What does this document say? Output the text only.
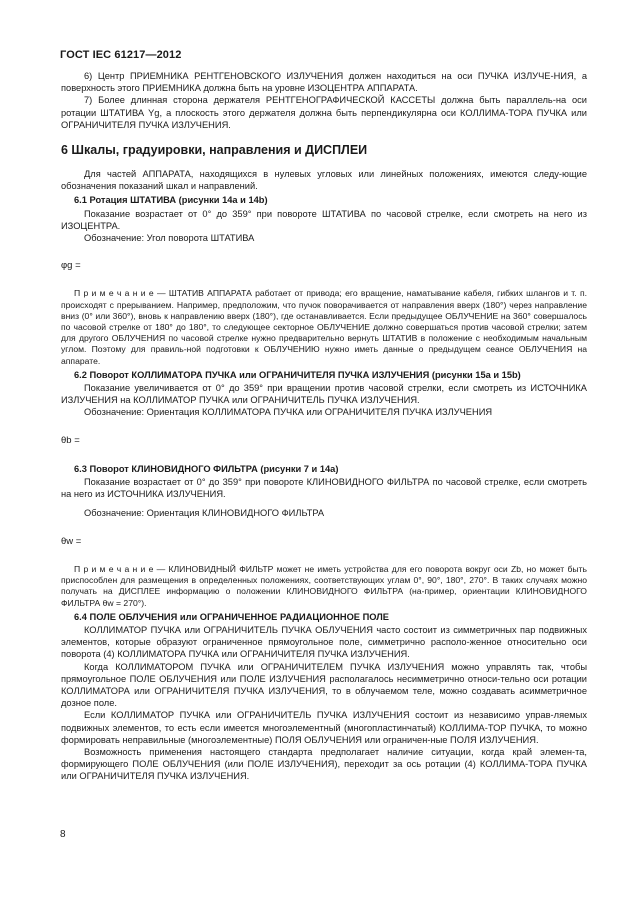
ГОСТ IEC 61217—2012

6) Центр ПРИЕМНИКА РЕНТГЕНОВСКОГО ИЗЛУЧЕНИЯ должен находиться на оси ПУЧКА ИЗЛУЧЕ-НИЯ, а поверхность этого ПРИЕМНИКА должна быть на уровне ИЗОЦЕНТРА АППАРАТА.

7) Более длинная сторона держателя РЕНТГЕНОГРАФИЧЕСКОЙ КАССЕТЫ должна быть параллель-на оси ротации ШТАТИВА Yg, а плоскость этого держателя должна быть перпендикулярна оси КОЛЛИМА-ТОРА ПУЧКА или ОГРАНИЧИТЕЛЯ ПУЧКА ИЗЛУЧЕНИЯ.

6 Шкалы, градуировки, направления и ДИСПЛЕИ

Для частей АППАРАТА, находящихся в нулевых угловых или линейных положениях, имеются следу-ющие обозначения показаний шкал и направлений.

6.1 Ротация ШТАТИВА (рисунки 14а и 14b)

Показание возрастает от 0° до 359° при повороте ШТАТИВА по часовой стрелке, если смотреть на него из ИЗОЦЕНТРА.

Обозначение: Угол поворота ШТАТИВА

φg =

П р и м е ч а н и е — ШТАТИВ АППАРАТА работает от привода; его вращение, наматывание кабеля, гибких шлангов и т. п. происходят с прерыванием. Например, предположим, что пучок поворачивается от направления вверх (180°) через направление вниз (0° или 360°), вновь к направлению вверх (180°), где останавливается. Если предыдущее ОБЛУЧЕНИЕ на 360° совершалось по часовой стрелке от 180° до 180°, то следующее секторное ОБЛУЧЕНИЕ должно совершаться против часовой стрелки; затем для другого ОБЛУЧЕНИЯ по часовой стрелке нужно предварительно вернуть ШТАТИВ в положение с необходимым начальным углом. Поэтому для правиль-ной подготовки к ОБЛУЧЕНИЮ нужно иметь данные о предыдущем сеансе ОБЛУЧЕНИЯ на аппарате.

6.2 Поворот КОЛЛИМАТОРА ПУЧКА или ОГРАНИЧИТЕЛЯ ПУЧКА ИЗЛУЧЕНИЯ (рисунки 15a и 15b)

Показание увеличивается от 0° до 359° при вращении против часовой стрелки, если смотреть из ИСТОЧНИКА ИЗЛУЧЕНИЯ на КОЛЛИМАТОР ПУЧКА или ОГРАНИЧИТЕЛЬ ПУЧКА ИЗЛУЧЕНИЯ.

Обозначение: Ориентация КОЛЛИМАТОРА ПУЧКА или ОГРАНИЧИТЕЛЯ ПУЧКА ИЗЛУЧЕНИЯ

θb =

6.3 Поворот КЛИНОВИДНОГО ФИЛЬТРА (рисунки 7 и 14a)

Показание возрастает от 0° до 359° при повороте КЛИНОВИДНОГО ФИЛЬТРА по часовой стрелке, если смотреть на него из ИСТОЧНИКА ИЗЛУЧЕНИЯ.

Обозначение: Ориентация КЛИНОВИДНОГО ФИЛЬТРА

θw =

П р и м е ч а н и е — КЛИНОВИДНЫЙ ФИЛЬТР может не иметь устройства для его поворота вокруг оси Zb, но может быть приспособлен для размещения в определенных положениях, соответствующих углам 0°, 90°, 180°, 270°. В таких случаях можно получать на ДИСПЛЕЕ информацию о положении КЛИНОВИДНОГО ФИЛЬТРА (на-пример, ориентации КЛИНОВИДНОГО ФИЛЬТРА θw = 270°).

6.4 ПОЛЕ ОБЛУЧЕНИЯ или ОГРАНИЧЕННОЕ РАДИАЦИОННОЕ ПОЛЕ

КОЛЛИМАТОР ПУЧКА или ОГРАНИЧИТЕЛЬ ПУЧКА ОБЛУЧЕНИЯ часто состоит из симметричных пар подвижных элементов, которые образуют ограниченное прямоугольное поле, симметрично располо-женное относительно оси поворота (4) КОЛЛИМАТОРА ПУЧКА или ОГРАНИЧИТЕЛЯ ПУЧКА ИЗЛУЧЕНИЯ.

Когда КОЛЛИМАТОРОМ ПУЧКА или ОГРАНИЧИТЕЛЕМ ПУЧКА ИЗЛУЧЕНИЯ можно управлять так, чтобы прямоугольное ПОЛЕ ОБЛУЧЕНИЯ или ПОЛЕ ИЗЛУЧЕНИЯ располагалось несимметрично относи-тельно оси ротации КОЛЛИМАТОРА или ОГРАНИЧИТЕЛЯ ПУЧКА ИЗЛУЧЕНИЯ, то в облучаемом теле, можно создавать асимметричное дозное поле.

Если КОЛЛИМАТОР ПУЧКА или ОГРАНИЧИТЕЛЬ ПУЧКА ИЗЛУЧЕНИЯ состоит из независимо управ-ляемых подвижных элементов, то есть если имеется многоэлементный (многопластинчатый) КОЛЛИМА-ТОР ПУЧКА, то можно формировать неправильные (многоэлементные) ПОЛЯ ОБЛУЧЕНИЯ или ограничен-ные ПОЛЯ ИЗЛУЧЕНИЯ.

Возможность применения настоящего стандарта предполагает наличие ситуации, когда край элемен-та, формирующего ПОЛЕ ОБЛУЧЕНИЯ (или ПОЛЕ ИЗЛУЧЕНИЯ), переходит за ось ротации (4) КОЛЛИМА-ТОРА ПУЧКА или ОГРАНИЧИТЕЛЯ ПУЧКА ИЗЛУЧЕНИЯ.

8
